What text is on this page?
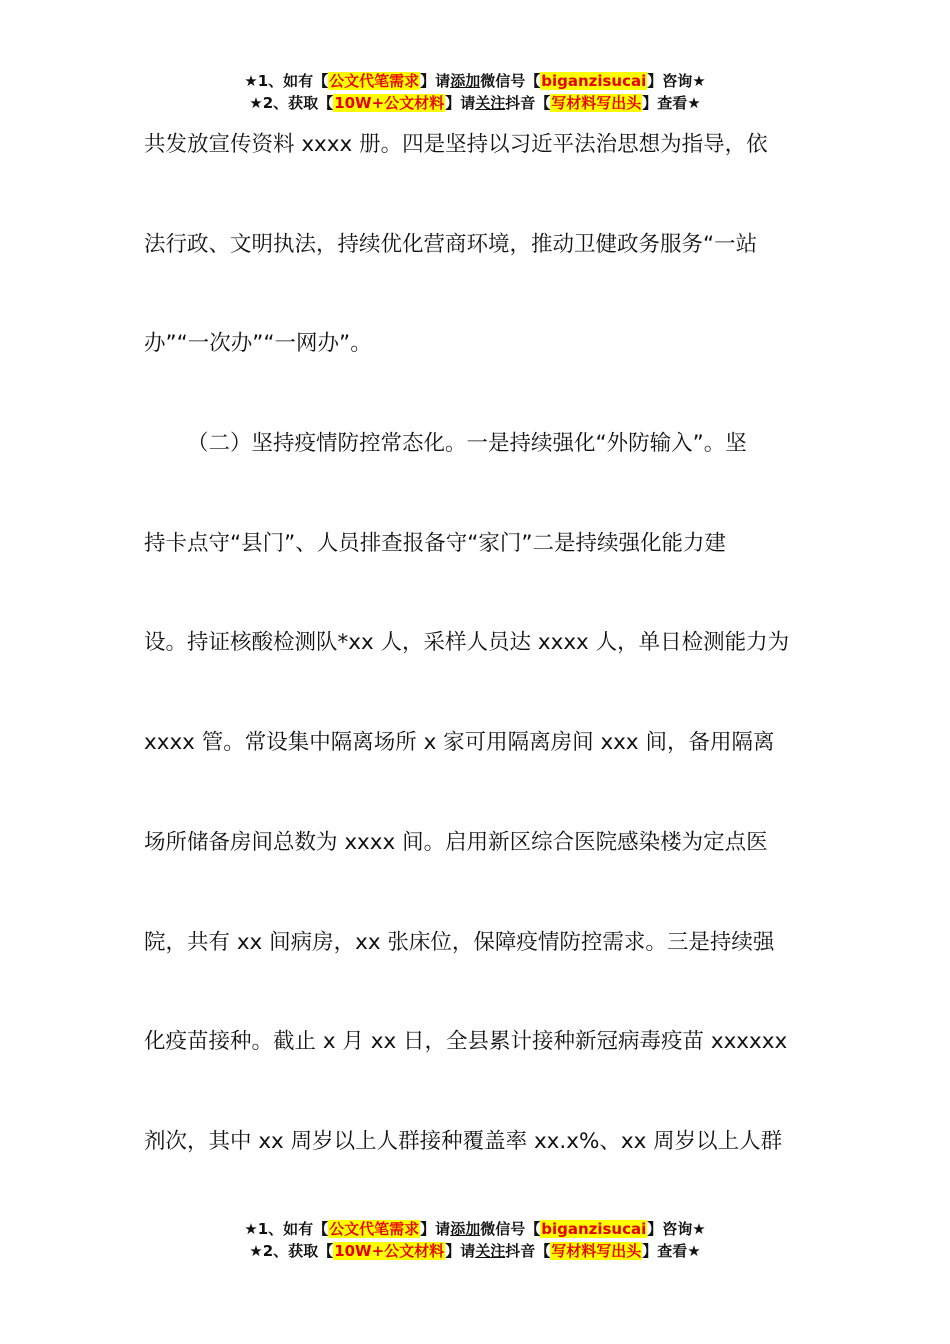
★1、如有【公文代笔需求】请添加微信号【biganzisucai】咨询★
★2、获取【10W+公文材料】请关注抖音【写材料写出头】查看★
共发放宣传资料 xxxx 册。四是坚持以习近平法治思想为指导，依
法行政、文明执法，持续优化营商环境，推动卫健政务服务“一站
办”“一次办”“一网办”。
（二）坚持疫情防控常态化。一是持续强化“外防输入”。坚
持卡点守“县门”、人员排查报备守“家门”二是持续强化能力建
设。持证核酸检测队*xx 人，采样人员达 xxxx 人，单日检测能力为
xxxx 管。常设集中隔离场所 x 家可用隔离房间 xxx 间，备用隔离
场所储备房间总数为 xxxx 间。启用新区综合医院感染楼为定点医
院，共有 xx 间病房，xx 张床位，保障疫情防控需求。三是持续强
化疫苗接种。截止 x 月 xx 日，全县累计接种新冠病毒疫苗 xxxxxx
剂次，其中 xx 周岁以上人群接种覆盖率 xx.x%、xx 周岁以上人群
★1、如有【公文代笔需求】请添加微信号【biganzisucai】咨询★
★2、获取【10W+公文材料】请关注抖音【写材料写出头】查看★
